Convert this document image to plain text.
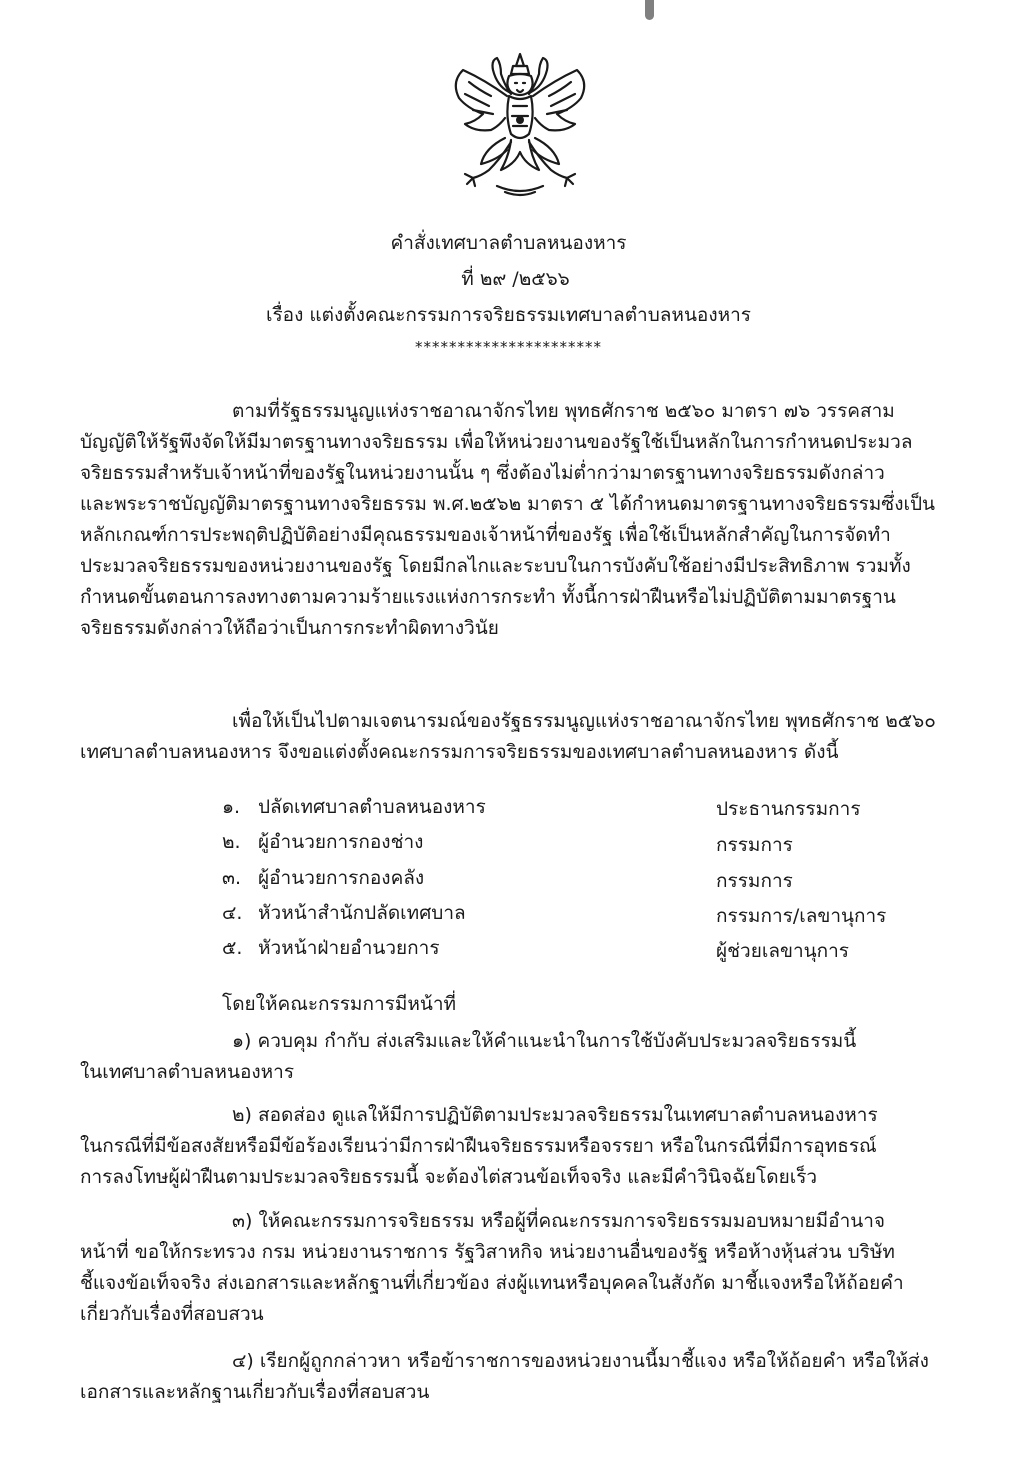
คำสั่งเทศบาลตำบลหนองหาร
ที่ ๒๙ /๒๕๖๖
เรื่อง แต่งตั้งคณะกรรมการจริยธรรมเทศบาลตำบลหนองหาร
**********************
ตามที่รัฐธรรมนูญแห่งราชอาณาจักรไทย พุทธศักราช ๒๕๖๐ มาตรา ๗๖ วรรคสาม
บัญญัติให้รัฐพึงจัดให้มีมาตรฐานทางจริยธรรม เพื่อให้หน่วยงานของรัฐใช้เป็นหลักในการกำหนดประมวล
จริยธรรมสำหรับเจ้าหน้าที่ของรัฐในหน่วยงานนั้น ๆ ซึ่งต้องไม่ต่ำกว่ามาตรฐานทางจริยธรรมดังกล่าว
และพระราชบัญญัติมาตรฐานทางจริยธรรม พ.ศ.๒๕๖๒ มาตรา ๕ ได้กำหนดมาตรฐานทางจริยธรรมซึ่งเป็น
หลักเกณฑ์การประพฤติปฏิบัติอย่างมีคุณธรรมของเจ้าหน้าที่ของรัฐ เพื่อใช้เป็นหลักสำคัญในการจัดทำ
ประมวลจริยธรรมของหน่วยงานของรัฐ โดยมีกลไกและระบบในการบังคับใช้อย่างมีประสิทธิภาพ รวมทั้ง
กำหนดขั้นตอนการลงทางตามความร้ายแรงแห่งการกระทำ ทั้งนี้การฝ่าฝืนหรือไม่ปฏิบัติตามมาตรฐาน
จริยธรรมดังกล่าวให้ถือว่าเป็นการกระทำผิดทางวินัย
เพื่อให้เป็นไปตามเจตนารมณ์ของรัฐธรรมนูญแห่งราชอาณาจักรไทย พุทธศักราช ๒๕๖๐
เทศบาลตำบลหนองหาร จึงขอแต่งตั้งคณะกรรมการจริยธรรมของเทศบาลตำบลหนองหาร ดังนี้
๑. ปลัดเทศบาลตำบลหนองหาร	ประธานกรรมการ
๒. ผู้อำนวยการกองช่าง	กรรมการ
๓. ผู้อำนวยการกองคลัง	กรรมการ
๔. หัวหน้าสำนักปลัดเทศบาล	กรรมการ/เลขานุการ
๕. หัวหน้าฝ่ายอำนวยการ	ผู้ช่วยเลขานุการ
โดยให้คณะกรรมการมีหน้าที่
๑) ควบคุม กำกับ ส่งเสริมและให้คำแนะนำในการใช้บังคับประมวลจริยธรรมนี้
ในเทศบาลตำบลหนองหาร
๒) สอดส่อง ดูแลให้มีการปฏิบัติตามประมวลจริยธรรมในเทศบาลตำบลหนองหาร
ในกรณีที่มีข้อสงสัยหรือมีข้อร้องเรียนว่ามีการฝ่าฝืนจริยธรรมหรือจรรยา หรือในกรณีที่มีการอุทธรณ์
การลงโทษผู้ฝ่าฝืนตามประมวลจริยธรรมนี้ จะต้องไต่สวนข้อเท็จจริง และมีคำวินิจฉัยโดยเร็ว
๓) ให้คณะกรรมการจริยธรรม หรือผู้ที่คณะกรรมการจริยธรรมมอบหมายมีอำนาจ
หน้าที่ ขอให้กระทรวง กรม หน่วยงานราชการ รัฐวิสาหกิจ หน่วยงานอื่นของรัฐ หรือห้างหุ้นส่วน บริษัท
ชี้แจงข้อเท็จจริง ส่งเอกสารและหลักฐานที่เกี่ยวข้อง ส่งผู้แทนหรือบุคคลในสังกัด มาชี้แจงหรือให้ถ้อยคำ
เกี่ยวกับเรื่องที่สอบสวน
๔) เรียกผู้ถูกกล่าวหา หรือข้าราชการของหน่วยงานนี้มาชี้แจง หรือให้ถ้อยคำ หรือให้ส่ง
เอกสารและหลักฐานเกี่ยวกับเรื่องที่สอบสวน
